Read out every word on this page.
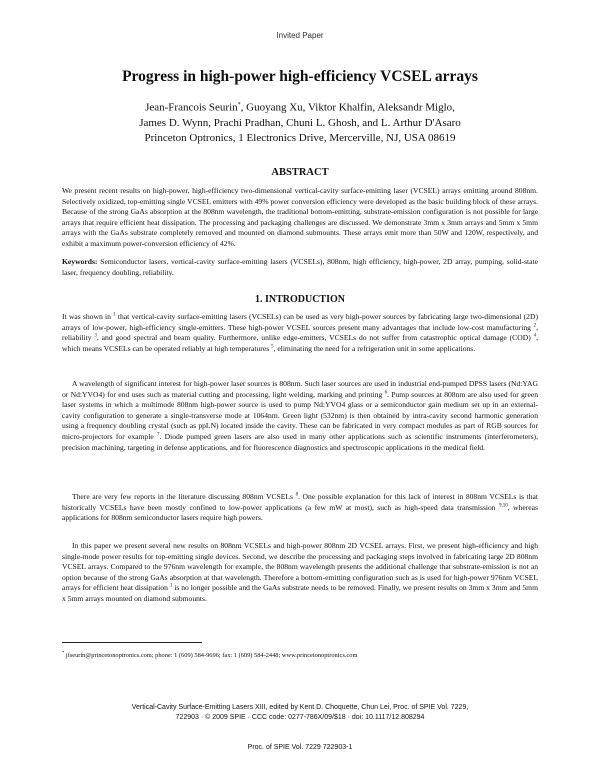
Invited Paper
Progress in high-power high-efficiency VCSEL arrays
Jean-Francois Seurin*, Guoyang Xu, Viktor Khalfin, Aleksandr Miglo,
James D. Wynn, Prachi Pradhan, Chuni L. Ghosh, and L. Arthur D'Asaro
Princeton Optronics, 1 Electronics Drive, Mercerville, NJ, USA 08619
ABSTRACT

We present recent results on high-power, high-efficiency two-dimensional vertical-cavity surface-emitting laser (VCSEL) arrays emitting around 808nm. Selectively oxidized, top-emitting single VCSEL emitters with 49% power conversion efficiency were developed as the basic building block of these arrays. Because of the strong GaAs absorption at the 808nm wavelength, the traditional bottom-emitting, substrate-emission configuration is not possible for large arrays that require efficient heat dissipation. The processing and packaging challenges are discussed. We demonstrate 3mm x 3mm arrays and 5mm x 5mm arrays with the GaAs substrate completely removed and mounted on diamond submounts. These arrays emit more than 50W and 120W, respectively, and exhibit a maximum power-conversion efficiency of 42%.

Keywords: Semiconductor lasers, vertical-cavity surface-emitting lasers (VCSELs), 808nm, high efficiency, high-power, 2D array, pumping, solid-state laser, frequency doubling, reliability.

1. INTRODUCTION

It was shown in $^1$ that vertical-cavity surface-emitting lasers (VCSELs) can be used as very high-power sources by fabricating large two-dimensional (2D) arrays of low-power, high-efficiency single-emitters. These high-power VCSEL sources present many advantages that include low-cost manufacturing $^2$, reliability $^3$, and good spectral and beam quality. Furthermore, unlike edge-emitters, VCSELs do not suffer from catastrophic optical damage (COD) $^4$, which means VCSELs can be operated reliably at high temperatures $^5$, eliminating the need for a refrigeration unit in some applications.

A wavelength of significant interest for high-power laser sources is 808nm. Such laser sources are used in industrial end-pumped DPSS lasers (Nd:YAG or Nd:YVO4) for end uses such as material cutting and processing, light welding, marking and printing $^6$. Pump sources at 808nm are also used for green laser systems in which a multimode 808nm high-power source is used to pump Nd:YVO4 glass or a semiconductor gain medium set up in an external-cavity configuration to generate a single-transverse mode at 1064nm. Green light (532nm) is then obtained by intra-cavity second harmonic generation using a frequency doubling crystal (such as ppLN) located inside the cavity. These can be fabricated in very compact modules as part of RGB sources for micro-projectors for example $^7$. Diode pumped green lasers are also used in many other applications such as scientific instruments (interferometers), precision machining, targeting in defense applications, and for fluorescence diagnostics and spectroscopic applications in the medical field.

There are very few reports in the literature discussing 808nm VCSELs $^8$. One possible explanation for this lack of interest in 808nm VCSELs is that historically VCSELs have been mostly confined to low-power applications (a few mW at most), such as high-speed data transmission $^{9,10}$, whereas applications for 808nm semiconductor lasers require high powers.

In this paper we present several new results on 808nm VCSELs and high-power 808nm 2D VCSEL arrays. First, we present high-efficiency and high single-mode power results for top-emitting single devices. Second, we describe the processing and packaging steps involved in fabricating large 2D 808nm VCSEL arrays. Compared to the 976nm wavelength for example, the 808nm wavelength presents the additional challenge that substrate-emission is not an option because of the strong GaAs absorption at that wavelength. Therefore a bottom-emitting configuration such as is used for high-power 976nm VCSEL arrays for efficient heat dissipation $^1$ is no longer possible and the GaAs substrate needs to be removed. Finally, we present results on 3mm x 3mm and 5mm x 5mm arrays mounted on diamond submounts.

* jfseurin@princetonoptronics.com; phone: 1 (609) 584-9696; fax: 1 (609) 584-2448; www.princetonoptronics.com
Vertical-Cavity Surface-Emitting Lasers XIII, edited by Kent D. Choquette, Chun Lei, Proc. of SPIE Vol. 7229,
722903 · © 2009 SPIE · CCC code: 0277-786X/09/$18 · doi: 10.1117/12.808294
Proc. of SPIE Vol. 7229 722903-1
